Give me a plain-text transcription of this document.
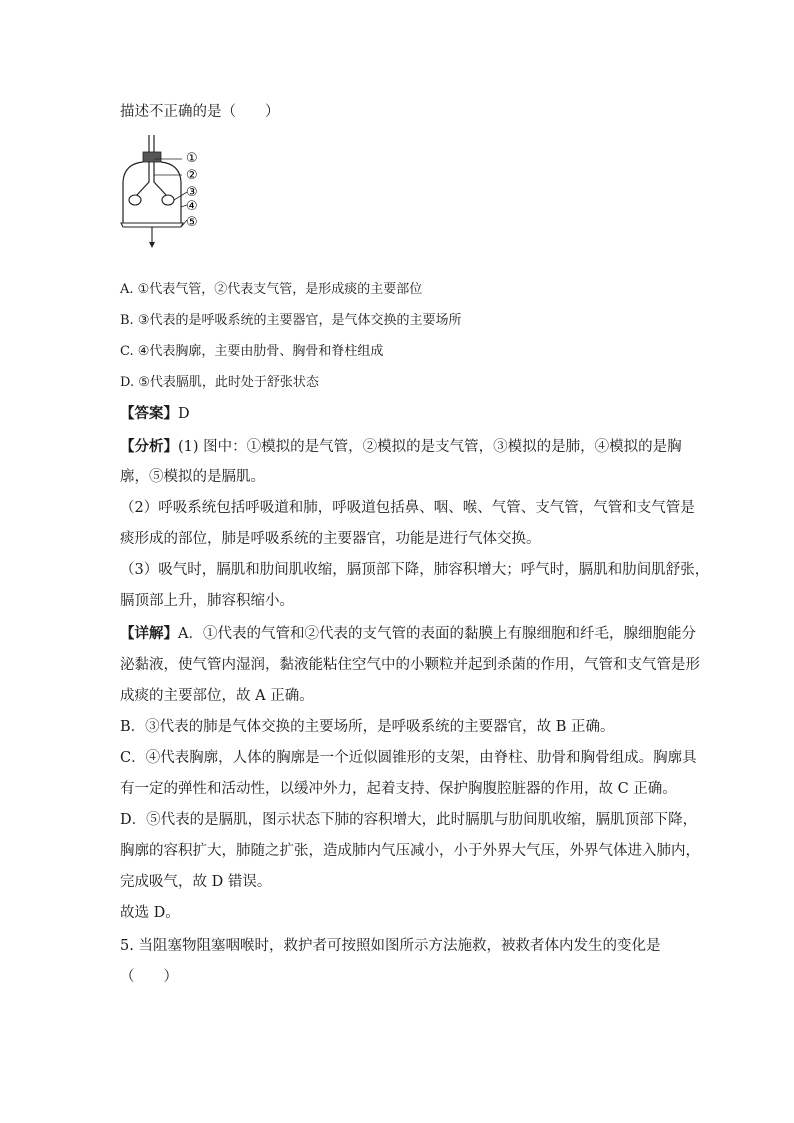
描述不正确的是（　　）
①
②
③
④
⑤
A. ①代表气管，②代表支气管，是形成痰的主要部位
B. ③代表的是呼吸系统的主要器官，是气体交换的主要场所
C. ④代表胸廓，主要由肋骨、胸骨和脊柱组成
D. ⑤代表膈肌，此时处于舒张状态
【答案】D
【分析】(1) 图中：①模拟的是气管，②模拟的是支气管，③模拟的是肺，④模拟的是胸
廓，⑤模拟的是膈肌。
（2）呼吸系统包括呼吸道和肺，呼吸道包括鼻、咽、喉、气管、支气管，气管和支气管是
痰形成的部位，肺是呼吸系统的主要器官，功能是进行气体交换。
（3）吸气时，膈肌和肋间肌收缩，膈顶部下降，肺容积增大；呼气时，膈肌和肋间肌舒张，
膈顶部上升，肺容积缩小。
【详解】A．①代表的气管和②代表的支气管的表面的黏膜上有腺细胞和纤毛，腺细胞能分
泌黏液，使气管内湿润，黏液能粘住空气中的小颗粒并起到杀菌的作用，气管和支气管是形
成痰的主要部位，故 A 正确。
B．③代表的肺是气体交换的主要场所，是呼吸系统的主要器官，故 B 正确。
C．④代表胸廓，人体的胸廓是一个近似圆锥形的支架，由脊柱、肋骨和胸骨组成。胸廓具
有一定的弹性和活动性，以缓冲外力，起着支持、保护胸腹腔脏器的作用，故 C 正确。
D．⑤代表的是膈肌，图示状态下肺的容积增大，此时膈肌与肋间肌收缩，膈肌顶部下降，
胸廓的容积扩大，肺随之扩张，造成肺内气压减小，小于外界大气压，外界气体进入肺内，
完成吸气，故 D 错误。
故选 D。
5. 当阻塞物阻塞咽喉时，救护者可按照如图所示方法施救，被救者体内发生的变化是
（　　）
